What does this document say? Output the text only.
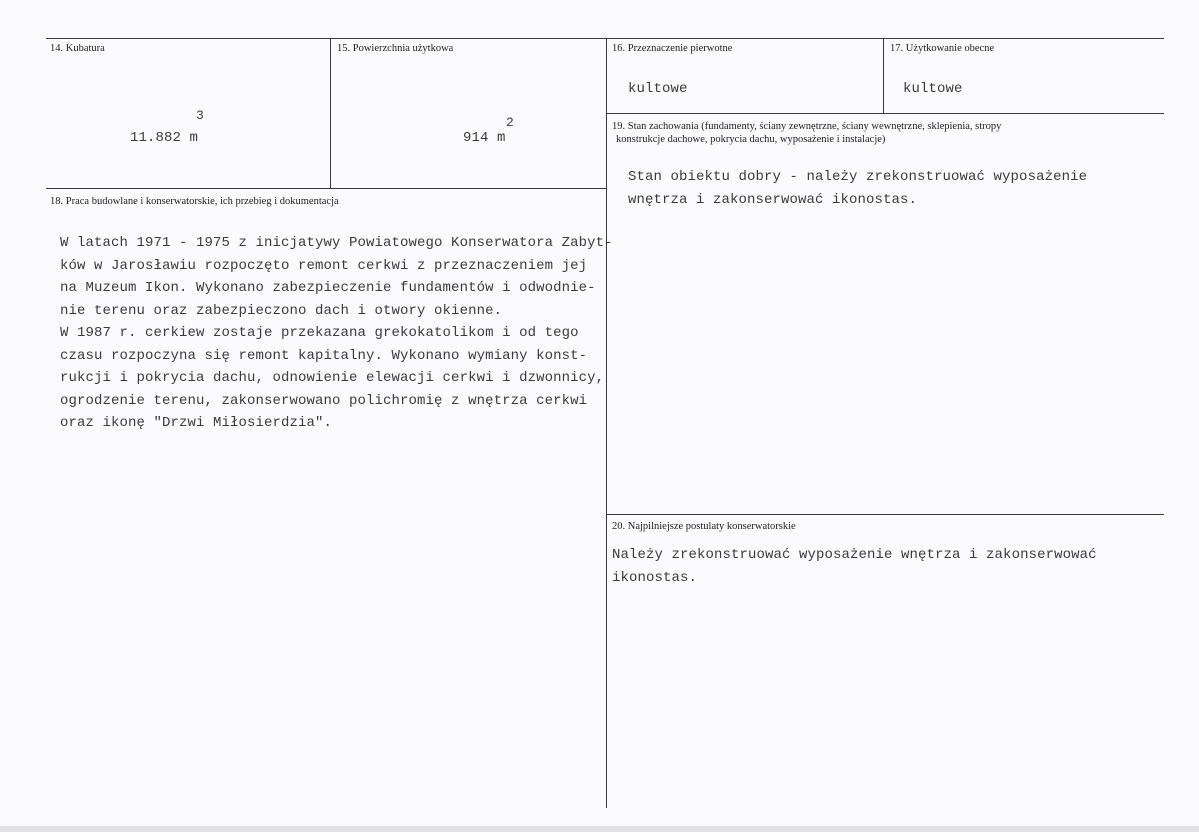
14. Kubatura
3
11.882 m
15. Powierzchnia użytkowa
2
914 m
16. Przeznaczenie pierwotne
kultowe
17. Użytkowanie obecne
kultowe
19. Stan zachowania (fundamenty, ściany zewnętrzne, ściany wewnętrzne, sklepienia, stropy
konstrukcje dachowe, pokrycia dachu, wyposażenie i instalacje)
Stan obiektu dobry - należy zrekonstruować wyposażenie
wnętrza i zakonserwować ikonostas.
18. Praca budowlane i konserwatorskie, ich przebieg i dokumentacja
W latach 1971 - 1975 z inicjatywy Powiatowego Konserwatora Zabyt-
ków w Jarosławiu rozpoczęto remont cerkwi z przeznaczeniem jej
na Muzeum Ikon. Wykonano zabezpieczenie fundamentów i odwodnie-
nie terenu oraz zabezpieczono dach i otwory okienne.
W 1987 r. cerkiew zostaje przekazana grekokatolikom i od tego
czasu rozpoczyna się remont kapitalny. Wykonano wymiany konst-
rukcji i pokrycia dachu, odnowienie elewacji cerkwi i dzwonnicy,
ogrodzenie terenu, zakonserwowano polichromię z wnętrza cerkwi
oraz ikonę "Drzwi Miłosierdzia".
20. Najpilniejsze postulaty konserwatorskie
Należy zrekonstruować wyposażenie wnętrza i zakonserwować
ikonostas.
